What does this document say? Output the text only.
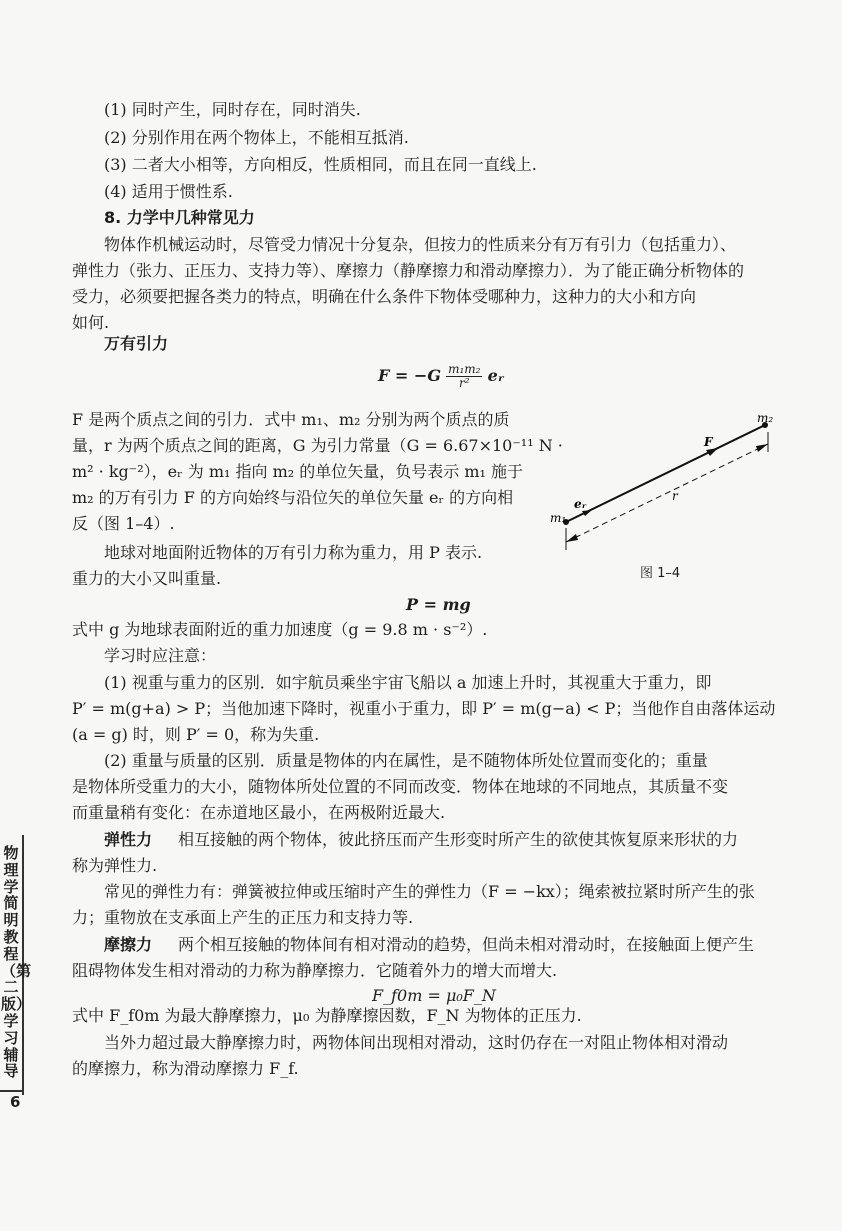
(1) 同时产生，同时存在，同时消失.
(2) 分别作用在两个物体上，不能相互抵消.
(3) 二者大小相等，方向相反，性质相同，而且在同一直线上.
(4) 适用于惯性系.
8. 力学中几种常见力
物体作机械运动时，尽管受力情况十分复杂，但按力的性质来分有万有引力（包括重力）、
弹性力（张力、正压力、支持力等）、摩擦力（静摩擦力和滑动摩擦力）．为了能正确分析物体的
受力，必须要把握各类力的特点，明确在什么条件下物体受哪种力，这种力的大小和方向
如何.
万有引力
$F = -G \frac{\text{m₁m₂}}{\text{r²}}$ eᵣ
F 是两个质点之间的引力．式中 m₁、m₂ 分别为两个质点的质
量，r 为两个质点之间的距离，G 为引力常量（G = 6.67×10⁻¹¹ N ·
m² · kg⁻²），eᵣ 为 m₁ 指向 m₂ 的单位矢量，负号表示 m₁ 施于
m₂ 的万有引力 F 的方向始终与沿位矢的单位矢量 eᵣ 的方向相
反（图 1–4）.	m₁
m₂
F
eᵣ
r
图 1–4
地球对地面附近物体的万有引力称为重力，用 P 表示.
重力的大小又叫重量.
P = mg
式中 g 为地球表面附近的重力加速度（g = 9.8 m · s⁻²）.
学习时应注意：
(1) 视重与重力的区别．如宇航员乘坐宇宙飞船以 a 加速上升时，其视重大于重力，即
P′ = m(g+a) > P；当他加速下降时，视重小于重力，即 P′ = m(g−a) < P；当他作自由落体运动
(a = g) 时，则 P′ = 0，称为失重.
(2) 重量与质量的区别．质量是物体的内在属性，是不随物体所处位置而变化的；重量
是物体所受重力的大小，随物体所处位置的不同而改变．物体在地球的不同地点，其质量不变
而重量稍有变化：在赤道地区最小，在两极附近最大.
弹性力 相互接触的两个物体，彼此挤压而产生形变时所产生的欲使其恢复原来形状的力
称为弹性力.
常见的弹性力有：弹簧被拉伸或压缩时产生的弹性力（F = −kx）；绳索被拉紧时所产生的张
力；重物放在支承面上产生的正压力和支持力等.
摩擦力 两个相互接触的物体间有相对滑动的趋势，但尚未相对滑动时，在接触面上便产生
阻碍物体发生相对滑动的力称为静摩擦力．它随着外力的增大而增大.
F_f0m = μ₀F_N
式中 F_f0m 为最大静摩擦力，μ₀ 为静摩擦因数，F_N 为物体的正压力.
当外力超过最大静摩擦力时，两物体间出现相对滑动，这时仍存在一对阻止物体相对滑动
的摩擦力，称为滑动摩擦力 F_f.
物理学简明教程（第二版）学习辅导
6
